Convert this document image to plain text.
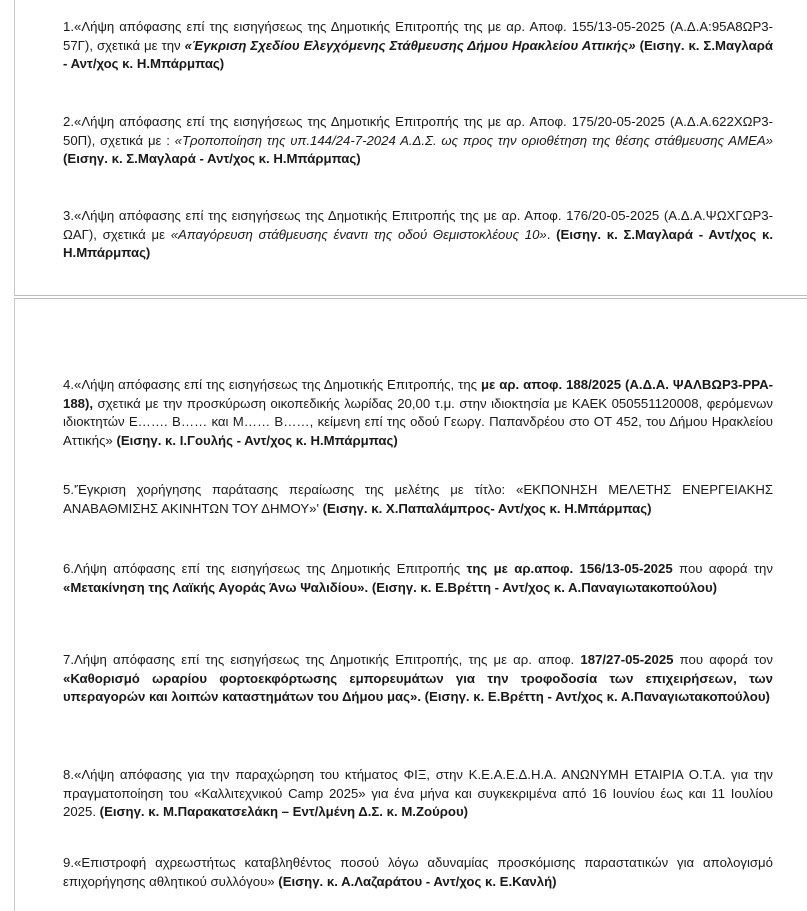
1.«Λήψη απόφασης επί της εισηγήσεως της Δημοτικής Επιτροπής της με αρ. Αποφ. 155/13-05-2025 (Α.Δ.Α:95Α8ΩΡ3-57Γ), σχετικά με την «Έγκριση Σχεδίου Ελεγχόμενης Στάθμευσης Δήμου Ηρακλείου Αττικής» (Εισηγ. κ. Σ.Μαγλαρά - Αντ/χος κ. Η.Μπάρμπας)

2.«Λήψη απόφασης επί της εισηγήσεως της Δημοτικής Επιτροπής της με αρ. Αποφ. 175/20-05-2025 (Α.Δ.Α.622ΧΩΡ3-50Π), σχετικά με : «Τροποποίηση της υπ.144/24-7-2024 Α.Δ.Σ. ως προς την οριοθέτηση της θέσης στάθμευσης ΑΜΕΑ» (Εισηγ. κ. Σ.Μαγλαρά - Αντ/χος κ. Η.Μπάρμπας)

3.«Λήψη απόφασης επί της εισηγήσεως της Δημοτικής Επιτροπής της με αρ. Αποφ. 176/20-05-2025 (Α.Δ.Α.ΨΩΧΓΩΡ3-ΩΑΓ), σχετικά με «Απαγόρευση στάθμευσης έναντι της οδού Θεμιστοκλέους 10». (Εισηγ. κ. Σ.Μαγλαρά - Αντ/χος κ. Η.Μπάρμπας)

4.«Λήψη απόφασης επί της εισηγήσεως της Δημοτικής Επιτροπής, της με αρ. αποφ. 188/2025 (Α.Δ.Α. ΨΑΛΒΩΡ3-ΡΡΑ- 188), σχετικά με την προσκύρωση οικοπεδικής λωρίδας 20,00 τ.μ. στην ιδιοκτησία με ΚΑΕΚ 050551120008, φερόμενων ιδιοκτητών Ε……. Β…… και Μ…… Β……, κείμενη επί της οδού Γεωργ. Παπανδρέου στο ΟΤ 452, του Δήμου Ηρακλείου Αττικής» (Εισηγ. κ. Ι.Γουλής - Αντ/χος κ. Η.Μπάρμπας)

5.'Έγκριση χορήγησης παράτασης περαίωσης της μελέτης με τίτλο: «ΕΚΠΟΝΗΣΗ ΜΕΛΕΤΗΣ ΕΝΕΡΓΕΙΑΚΗΣ ΑΝΑΒΑΘΜΙΣΗΣ ΑΚΙΝΗΤΩΝ ΤΟΥ ΔΗΜΟΥ»' (Εισηγ. κ. Χ.Παπαλάμπρος- Αντ/χος κ. Η.Μπάρμπας)

6.Λήψη απόφασης επί της εισηγήσεως της Δημοτικής Επιτροπής της με αρ.αποφ. 156/13-05-2025 που αφορά την «Μετακίνηση της Λαϊκής Αγοράς Άνω Ψαλιδίου». (Εισηγ. κ. Ε.Βρέττη - Αντ/χος κ. Α.Παναγιωτακοπούλου)

7.Λήψη απόφασης επί της εισηγήσεως της Δημοτικής Επιτροπής, της με αρ. αποφ. 187/27-05-2025 που αφορά τον «Καθορισμό ωραρίου φορτοεκφόρτωσης εμπορευμάτων για την τροφοδοσία των επιχειρήσεων, των υπεραγορών και λοιπών καταστημάτων του Δήμου μας». (Εισηγ. κ. Ε.Βρέττη - Αντ/χος κ. Α.Παναγιωτακοπούλου)

8.«Λήψη απόφασης για την παραχώρηση του κτήματος ΦΙΞ, στην Κ.Ε.Α.Ε.Δ.Η.Α. ΑΝΩΝΥΜΗ ΕΤΑΙΡΙΑ Ο.Τ.Α. για την πραγματοποίηση του «Καλλιτεχνικού Camp 2025» για ένα μήνα και συγκεκριμένα από 16 Ιουνίου έως και 11 Ιουλίου 2025. (Εισηγ. κ. Μ.Παρακατσελάκη – Εντ/λμένη Δ.Σ. κ. Μ.Ζούρου)

9.«Επιστροφή αχρεωστήτως καταβληθέντος ποσού λόγω αδυναμίας προσκόμισης παραστατικών για απολογισμό επιχορήγησης αθλητικού συλλόγου» (Εισηγ. κ. Α.Λαζαράτου - Αντ/χος κ. Ε.Κανλή)
